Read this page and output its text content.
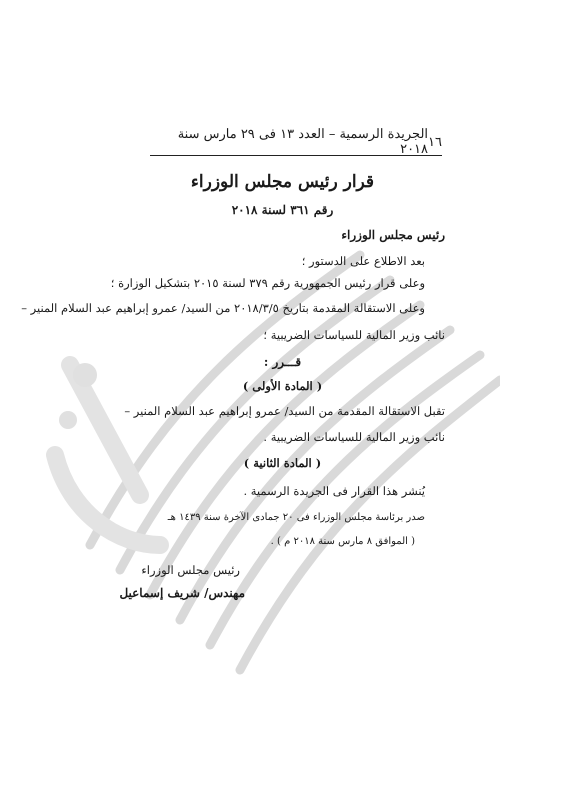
١٦
الجريدة الرسمية – العدد ١٣ فى ٢٩ مارس سنة ٢٠١٨
قرار رئيس مجلس الوزراء
رقم ٣٦١ لسنة ٢٠١٨
رئيس مجلس الوزراء
بعد الاطلاع على الدستور ؛
وعلى قرار رئيس الجمهورية رقم ٣٧٩ لسنة ٢٠١٥ بتشكيل الوزارة ؛
وعلى الاستقالة المقدمة بتاريخ ٢٠١٨/٣/٥ من السيد/ عمرو إبراهيم عبد السلام المنير –
نائب وزير المالية للسياسات الضريبية ؛
قـــرر :
( المادة الأولى )
تقبل الاستقالة المقدمة من السيد/ عمرو إبراهيم عبد السلام المنير –
نائب وزير المالية للسياسات الضريبية .
( المادة الثانية )
يُنشر هذا القرار فى الجريدة الرسمية .
صدر برئاسة مجلس الوزراء فى ٢٠ جمادى الآخرة سنة ١٤٣٩ هـ
( الموافق ٨ مارس سنة ٢٠١٨ م ) .
رئيس مجلس الوزراء
مهندس/ شريف إسماعيل
